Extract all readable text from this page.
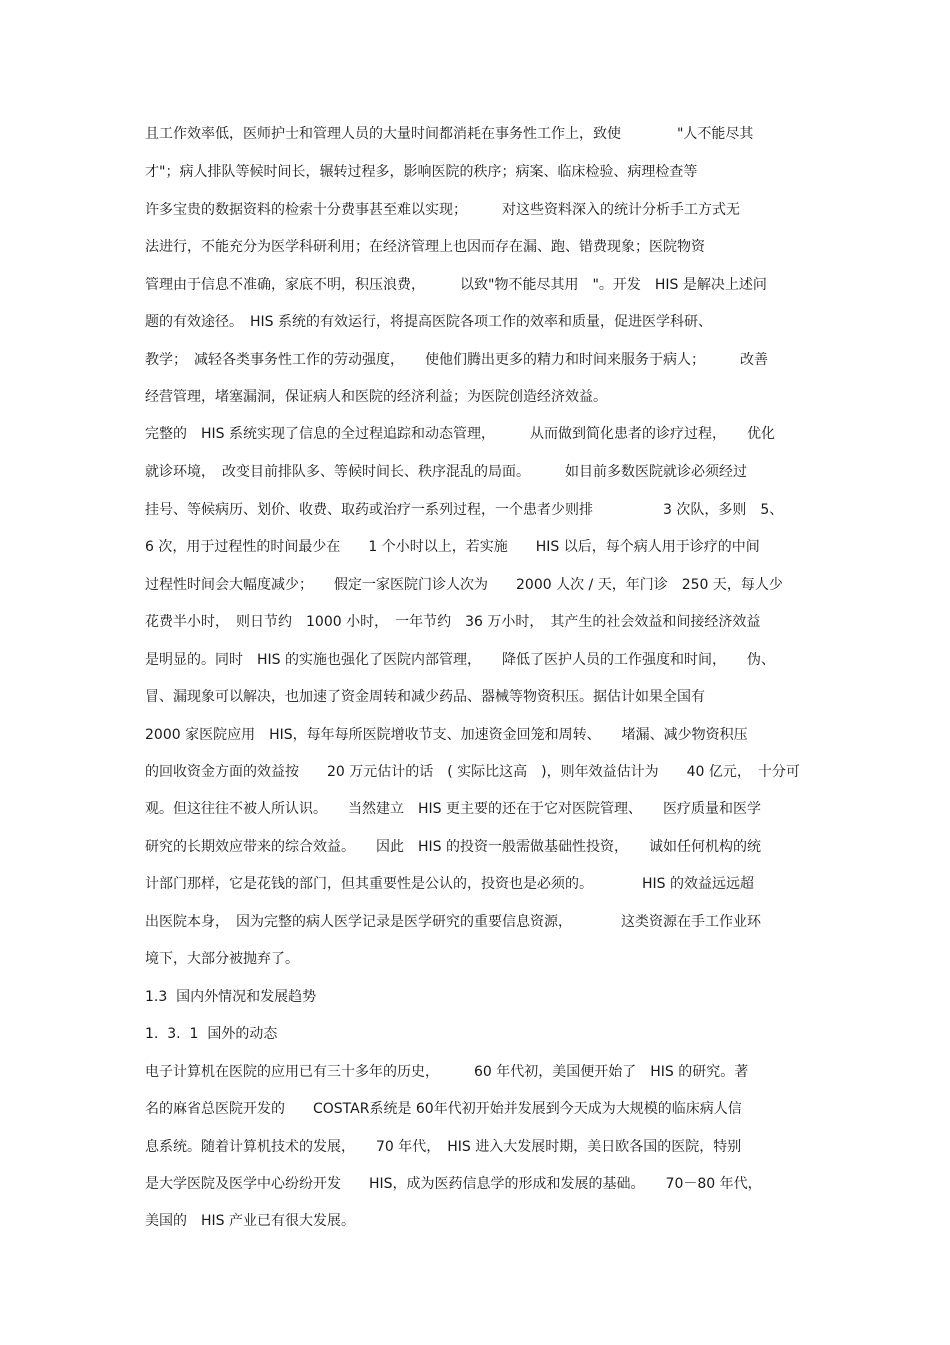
且工作效率低，医师护士和管理人员的大量时间都消耗在事务性工作上，致使　　　　"人不能尽其
才"；病人排队等候时间长，辗转过程多，影响医院的秩序；病案、临床检验、病理检查等
许多宝贵的数据资料的检索十分费事甚至难以实现；　　　对这些资料深入的统计分析手工方式无
法进行，不能充分为医学科研利用；在经济管理上也因而存在漏、跑、错费现象；医院物资
管理由于信息不准确，家底不明，积压浪费，　　　以致"物不能尽其用　"。开发　HIS 是解决上述问
题的有效途径。　HIS 系统的有效运行，将提高医院各项工作的效率和质量，促进医学科研、
教学；　减轻各类事务性工作的劳动强度，　　使他们腾出更多的精力和时间来服务于病人；　　　改善
经营管理，堵塞漏洞，保证病人和医院的经济利益；为医院创造经济效益。
完整的　HIS 系统实现了信息的全过程追踪和动态管理，　　　从而做到简化患者的诊疗过程，　　优化
就诊环境，　改变目前排队多、等候时间长、秩序混乱的局面。　　　如目前多数医院就诊必须经过
挂号、等候病历、划价、收费、取药或治疗一系列过程，一个患者少则排　　　　　3 次队，多则　5、
6 次，用于过程性的时间最少在　　1 个小时以上，若实施　　HIS 以后，每个病人用于诊疗的中间
过程性时间会大幅度减少；　　假定一家医院门诊人次为　　2000 人次 / 天，年门诊　250 天，每人少
花费半小时，　则日节约　1000 小时，　一年节约　36 万小时，　其产生的社会效益和间接经济效益
是明显的。同时　HIS 的实施也强化了医院内部管理，　　降低了医护人员的工作强度和时间，　　伪、
冒、漏现象可以解决，也加速了资金周转和减少药品、器械等物资积压。据估计如果全国有
2000 家医院应用　HIS，每年每所医院增收节支、加速资金回笼和周转、　　堵漏、减少物资积压
的回收资金方面的效益按　　20 万元估计的话　( 实际比这高　)，则年效益估计为　　40 亿元，　十分可
观。但这往往不被人所认识。　　当然建立　HIS 更主要的还在于它对医院管理、　　医疗质量和医学
研究的长期效应带来的综合效益。　　因此　HIS 的投资一般需做基础性投资，　　诚如任何机构的统
计部门那样，它是花钱的部门，但其重要性是公认的，投资也是必须的。　　　　HIS 的效益远远超
出医院本身，　因为完整的病人医学记录是医学研究的重要信息资源，　　　　这类资源在手工作业环
境下，大部分被抛弃了。
1.3  国内外情况和发展趋势
1.  3.  1  国外的动态
电子计算机在医院的应用已有三十多年的历史，　　　60 年代初，美国便开始了　HIS 的研究。著
名的麻省总医院开发的　　COSTAR系统是 60年代初开始并发展到今天成为大规模的临床病人信
息系统。随着计算机技术的发展，　　70 年代，　HIS 进入大发展时期，美日欧各国的医院，特别
是大学医院及医学中心纷纷开发　　HIS，成为医药信息学的形成和发展的基础。　　70－80 年代，
美国的　HIS 产业已有很大发展。
